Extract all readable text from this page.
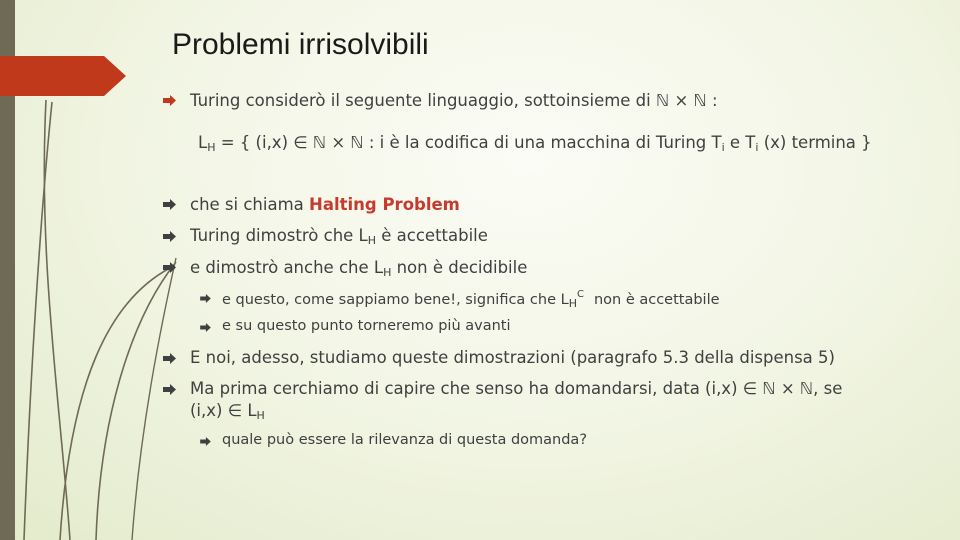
Problemi irrisolvibili
Turing considerò il seguente linguaggio, sottoinsieme di ℕ × ℕ :
$L_H$ = { (i,x) ∈ ℕ × ℕ : i è la codifica di una macchina di Turing $T_i$ e $T_i$ (x) termina }
che si chiama Halting Problem
Turing dimostrò che $L_H$ è accettabile
e dimostrò anche che $L_H$ non è decidibile
e questo, come sappiamo bene!, significa che $L_H^C$ non è accettabile
e su questo punto torneremo più avanti
E noi, adesso, studiamo queste dimostrazioni (paragrafo 5.3 della dispensa 5)
Ma prima cerchiamo di capire che senso ha domandarsi, data (i,x) ∈ ℕ × ℕ, se
(i,x) ∈ $L_H$
quale può essere la rilevanza di questa domanda?
